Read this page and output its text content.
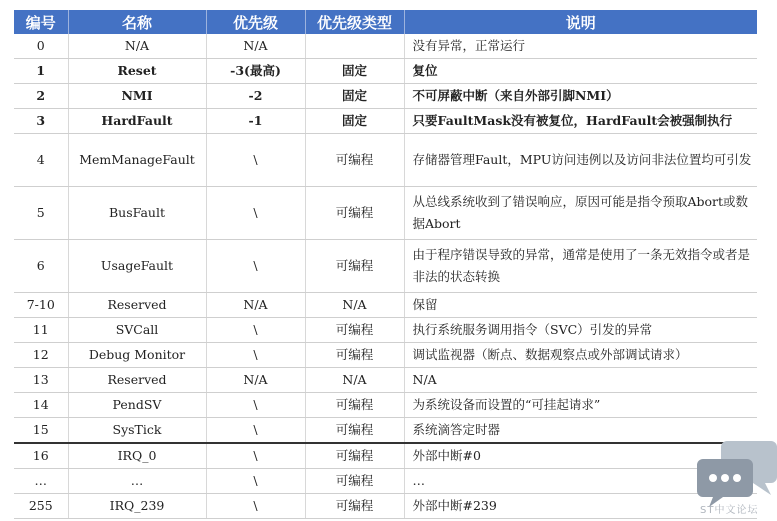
编号	名称	优先级	优先级类型	说明
0	N/A	N/A		没有异常，正常运行
1	Reset	-3(最高)	固定	复位
2	NMI	-2	固定	不可屏蔽中断（来自外部引脚NMI）
3	HardFault	-1	固定	只要FaultMask没有被复位，HardFault会被强制执行
4	MemManageFault	\	可编程	存储器管理Fault，MPU访问违例以及访问非法位置均可引发
5	BusFault	\	可编程	从总线系统收到了错误响应，原因可能是指令预取Abort或数据Abort
6	UsageFault	\	可编程	由于程序错误导致的异常，通常是使用了一条无效指令或者是非法的状态转换
7-10	Reserved	N/A	N/A	保留
11	SVCall	\	可编程	执行系统服务调用指令（SVC）引发的异常
12	Debug Monitor	\	可编程	调试监视器（断点、数据观察点或外部调试请求）
13	Reserved	N/A	N/A	N/A
14	PendSV	\	可编程	为系统设备而设置的“可挂起请求”
15	SysTick	\	可编程	系统滴答定时器
16	IRQ_0	\	可编程	外部中断#0
…	…	\	可编程	…
255	IRQ_239	\	可编程	外部中断#239	ST中文论坛
